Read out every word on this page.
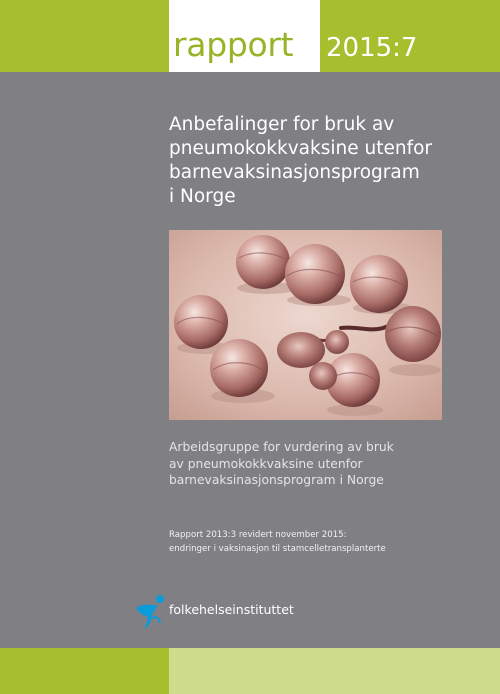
rapport 2015:7
Anbefalinger for bruk av
pneumokokkvaksine utenfor
barnevaksinasjonsprogram
i Norge
Arbeidsgruppe for vurdering av bruk
av pneumokokkvaksine utenfor
barnevaksinasjonsprogram i Norge
Rapport 2013:3 revidert november 2015:
endringer i vaksinasjon til stamcelletransplanterte
folkehelseinstituttet
